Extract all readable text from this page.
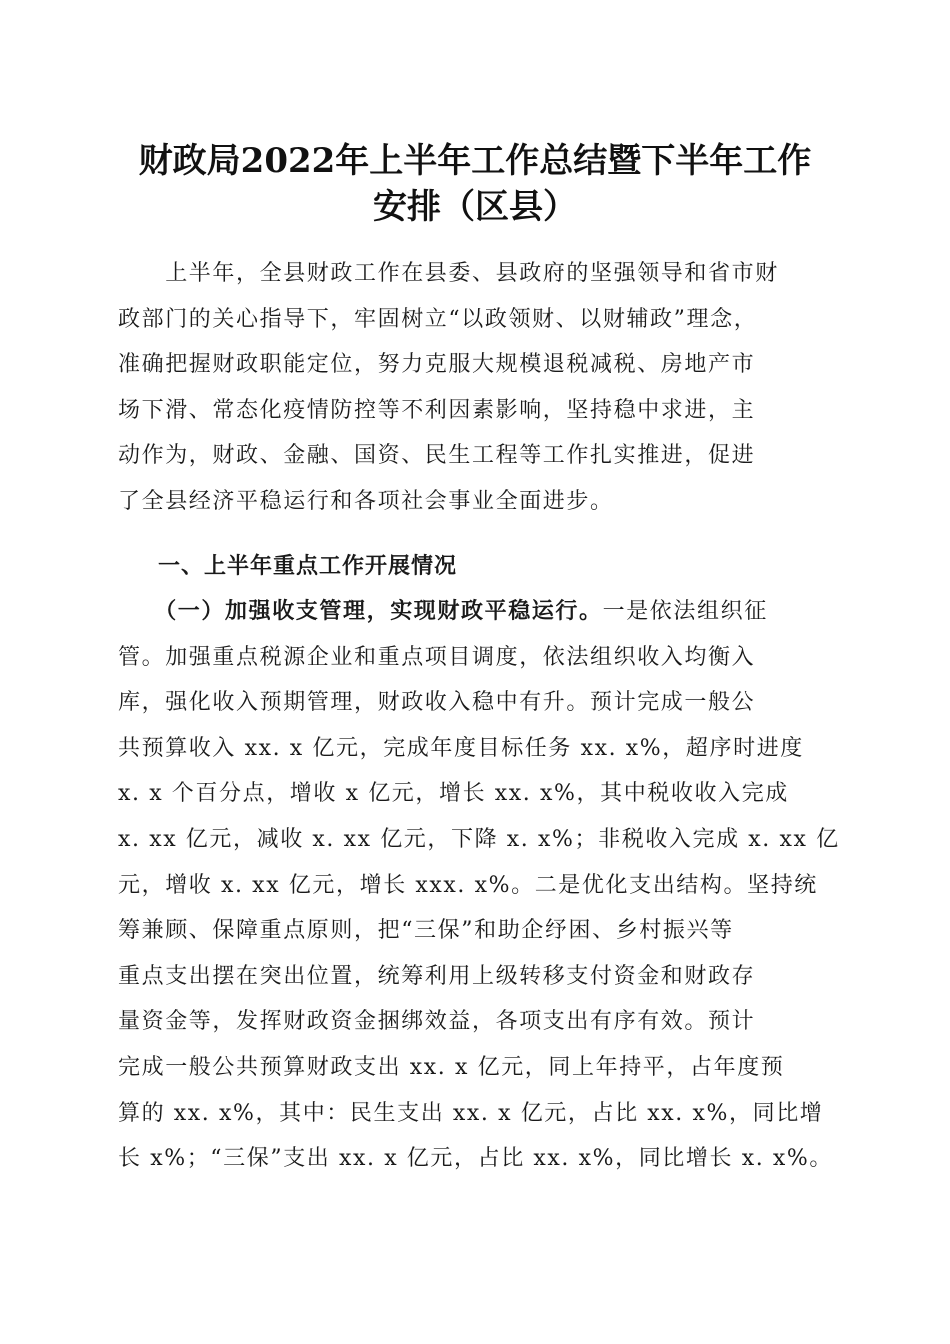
财政局2022年上半年工作总结暨下半年工作
安排（区县）
　　上半年，全县财政工作在县委、县政府的坚强领导和省市财
政部门的关心指导下，牢固树立“以政领财、以财辅政”理念，
准确把握财政职能定位，努力克服大规模退税减税、房地产市
场下滑、常态化疫情防控等不利因素影响，坚持稳中求进，主
动作为，财政、金融、国资、民生工程等工作扎实推进，促进
了全县经济平稳运行和各项社会事业全面进步。
一、上半年重点工作开展情况
　　（一）加强收支管理，实现财政平稳运行。一是依法组织征
管。加强重点税源企业和重点项目调度，依法组织收入均衡入
库，强化收入预期管理，财政收入稳中有升。预计完成一般公
共预算收入 xx. x 亿元，完成年度目标任务 xx. x%，超序时进度
x. x 个百分点，增收 x 亿元，增长 xx. x%，其中税收收入完成
x. xx 亿元，减收 x. xx 亿元，下降 x. x%；非税收入完成 x. xx 亿
元，增收 x. xx 亿元，增长 xxx. x%。二是优化支出结构。坚持统
筹兼顾、保障重点原则，把“三保”和助企纾困、乡村振兴等
重点支出摆在突出位置，统筹利用上级转移支付资金和财政存
量资金等，发挥财政资金捆绑效益，各项支出有序有效。预计
完成一般公共预算财政支出 xx. x 亿元，同上年持平，占年度预
算的 xx. x%，其中：民生支出 xx. x 亿元，占比 xx. x%，同比增
长 x%；“三保”支出 xx. x 亿元，占比 xx. x%，同比增长 x. x%。
